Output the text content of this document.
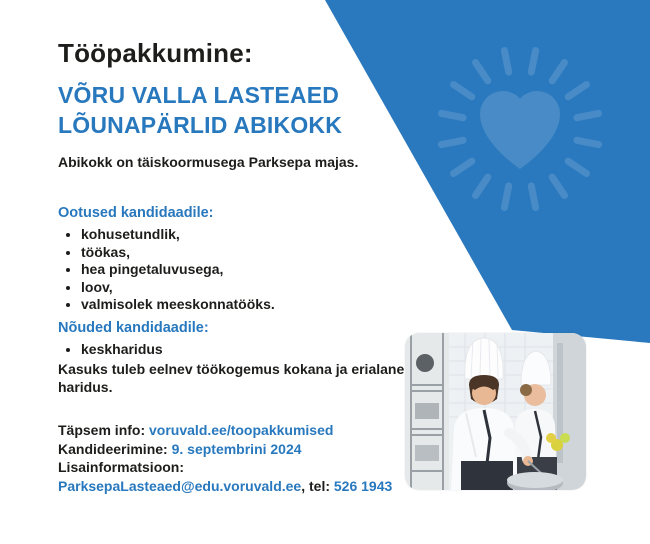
Tööpakkumine:
VÕRU VALLA LASTEAED
LÕUNAPÄRLID ABIKOKK
Abikokk on täiskoormusega Parksepa majas.
Ootused kandidaadile:
• kohusetundlik,
• töökas,
• hea pingetaluvusega,
• loov,
• valmisolek meeskonnatööks.
Nõuded kandidaadile:
• keskharidus
Kasuks tuleb eelnev töökogemus kokana ja erialane haridus.
Täpsem info: voruvald.ee/toopakkumised
Kandideerimine: 9. septembrini 2024
Lisainformatsioon:
ParksepaLasteaed@edu.voruvald.ee, tel: 526 1943
